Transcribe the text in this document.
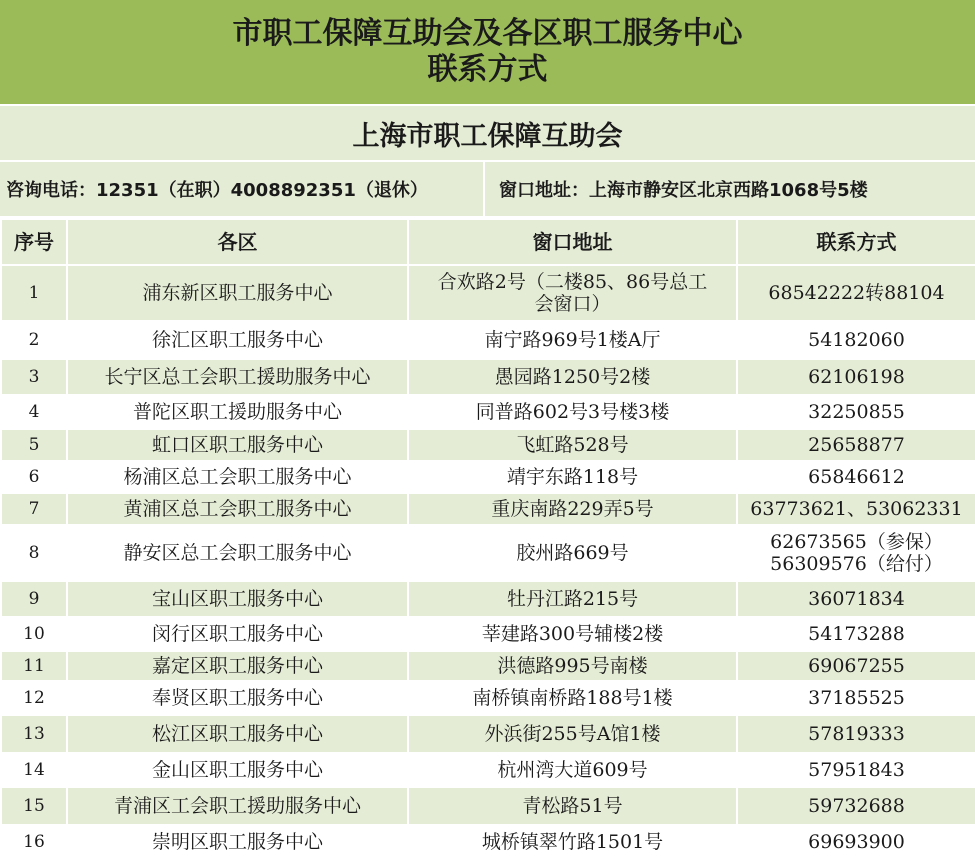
市职工保障互助会及各区职工服务中心
联系方式
上海市职工保障互助会
咨询电话：12351（在职）4008892351（退休）	窗口地址：上海市静安区北京西路1068号5楼
序号	各区	窗口地址	联系方式
1	浦东新区职工服务中心	合欢路2号（二楼85、86号总工
会窗口）	68542222转88104

2	徐汇区职工服务中心	南宁路969号1楼A厅	54182060

3	长宁区总工会职工援助服务中心	愚园路1250号2楼	62106198

4	普陀区职工援助服务中心	同普路602号3号楼3楼	32250855

5	虹口区职工服务中心	飞虹路528号	25658877

6	杨浦区总工会职工服务中心	靖宇东路118号	65846612

7	黄浦区总工会职工服务中心	重庆南路229弄5号	63773621、53062331

8	静安区总工会职工服务中心	胶州路669号	62673565（参保）
56309576（给付）

9	宝山区职工服务中心	牡丹江路215号	36071834

10	闵行区职工服务中心	莘建路300号辅楼2楼	54173288

11	嘉定区职工服务中心	洪德路995号南楼	69067255

12	奉贤区职工服务中心	南桥镇南桥路188号1楼	37185525

13	松江区职工服务中心	外浜街255号A馆1楼	57819333

14	金山区职工服务中心	杭州湾大道609号	57951843

15	青浦区工会职工援助服务中心	青松路51号	59732688

16	崇明区职工服务中心	城桥镇翠竹路1501号	69693900
